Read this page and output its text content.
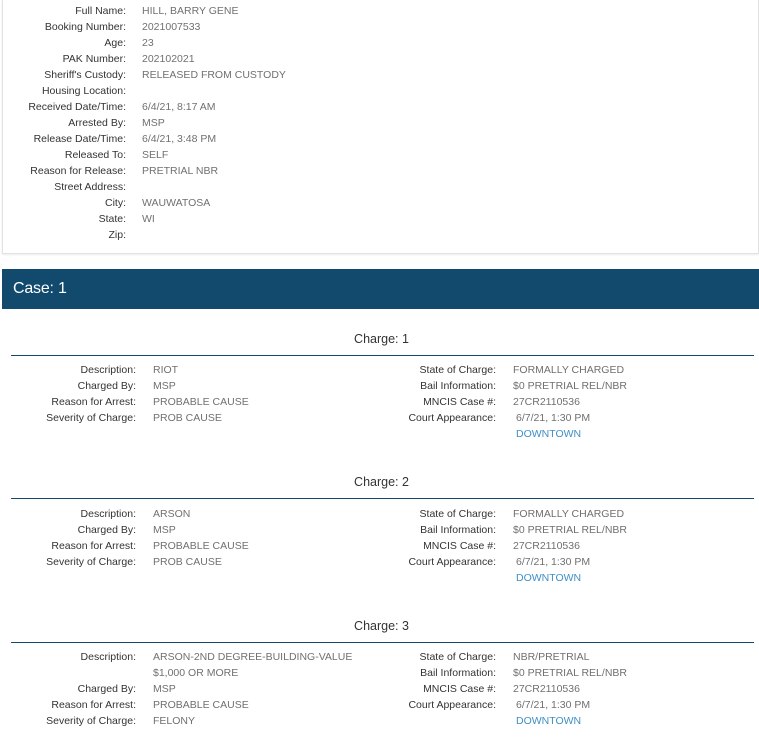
Full Name: HILL, BARRY GENE
Booking Number: 2021007533
Age: 23
PAK Number: 202102021
Sheriff's Custody: RELEASED FROM CUSTODY
Housing Location:
Received Date/Time: 6/4/21, 8:17 AM
Arrested By: MSP
Release Date/Time: 6/4/21, 3:48 PM
Released To: SELF
Reason for Release: PRETRIAL NBR
Street Address:
City: WAUWATOSA
State: WI
Zip:
Case: 1
Charge: 1
Description: RIOT
Charged By: MSP
Reason for Arrest: PROBABLE CAUSE
Severity of Charge: PROB CAUSE
State of Charge: FORMALLY CHARGED
Bail Information: $0 PRETRIAL REL/NBR
MNCIS Case #: 27CR2110536
Court Appearance: 6/7/21, 1:30 PM
DOWNTOWN
Charge: 2
Description: ARSON
Charged By: MSP
Reason for Arrest: PROBABLE CAUSE
Severity of Charge: PROB CAUSE
State of Charge: FORMALLY CHARGED
Bail Information: $0 PRETRIAL REL/NBR
MNCIS Case #: 27CR2110536
Court Appearance: 6/7/21, 1:30 PM
DOWNTOWN
Charge: 3
Description: ARSON-2ND DEGREE-BUILDING-VALUE $1,000 OR MORE
Charged By: MSP
Reason for Arrest: PROBABLE CAUSE
Severity of Charge: FELONY
State of Charge: NBR/PRETRIAL
Bail Information: $0 PRETRIAL REL/NBR
MNCIS Case #: 27CR2110536
Court Appearance: 6/7/21, 1:30 PM
DOWNTOWN
